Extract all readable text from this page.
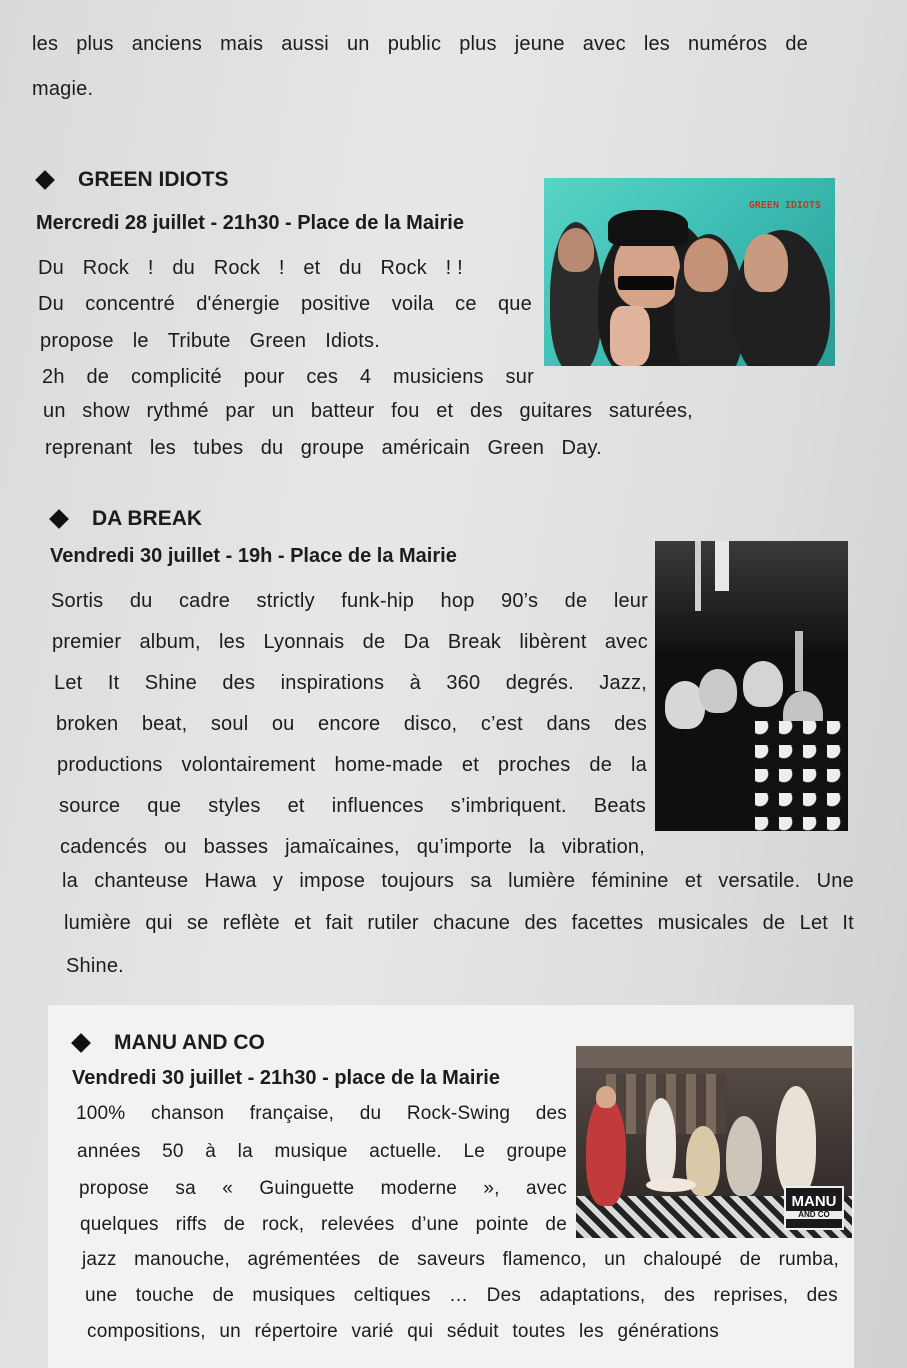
les plus anciens mais aussi un public plus jeune avec les numéros de
magie.
GREEN IDIOTS
Mercredi 28 juillet - 21h30 - Place de la Mairie
Du Rock ! du Rock ! et du Rock ! !
Du concentré d'énergie positive voila ce que
propose le Tribute Green Idiots.
2h de complicité pour ces 4 musiciens sur
un show rythmé par un batteur fou et des guitares saturées,
reprenant les tubes du groupe américain Green Day.
GREEN IDIOTS
DA BREAK
Vendredi 30 juillet - 19h - Place de la Mairie
Sortis du cadre strictly funk-hip hop 90’s de leur
premier album, les Lyonnais de Da Break libèrent avec
Let It Shine des inspirations à 360 degrés. Jazz,
broken beat, soul ou encore disco, c’est dans des
productions volontairement home-made et proches de la
source que styles et influences s’imbriquent. Beats
cadencés ou basses jamaïcaines, qu’importe la vibration,
la chanteuse Hawa y impose toujours sa lumière féminine et versatile. Une
lumière qui se reflète et fait rutiler chacune des facettes musicales de Let It
Shine.
MANU AND CO
Vendredi 30 juillet - 21h30 - place de la Mairie
100% chanson française, du Rock-Swing des
années 50 à la musique actuelle. Le groupe
propose sa « Guinguette moderne », avec
quelques riffs de rock, relevées d’une pointe de
jazz manouche, agrémentées de saveurs flamenco, un chaloupé de rumba,
une touche de musiques celtiques … Des adaptations, des reprises, des
compositions, un répertoire varié qui séduit toutes les générations
MANU
AND CO
